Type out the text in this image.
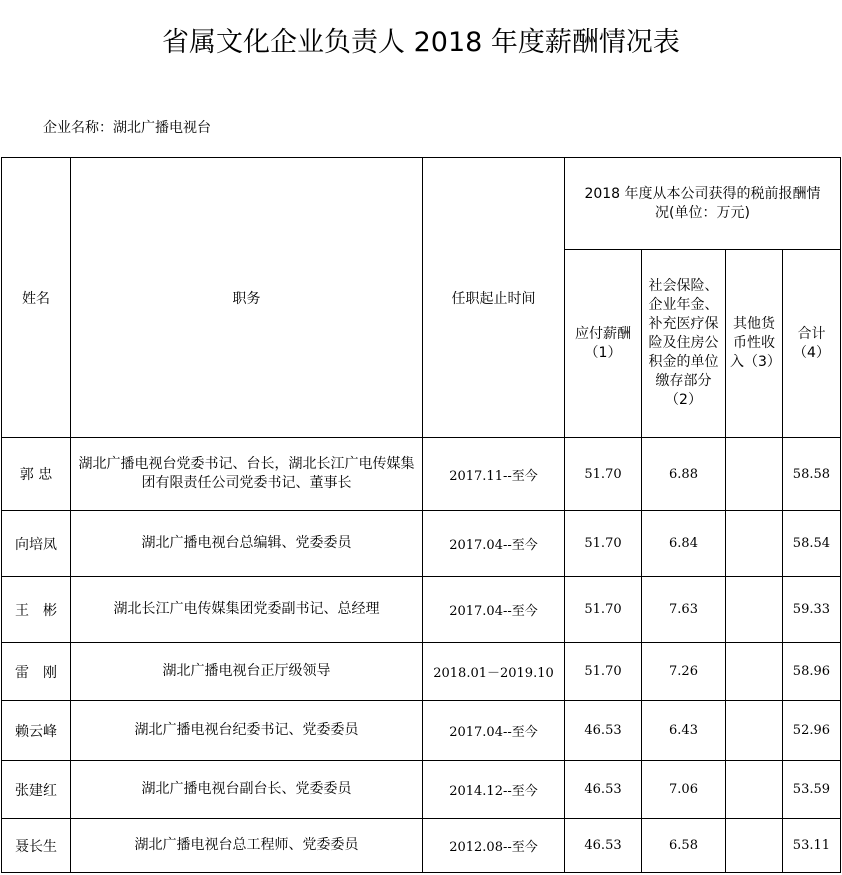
省属文化企业负责人 2018 年度薪酬情况表
企业名称：湖北广播电视台
姓名	职务	任职起止时间	2018 年度从本公司获得的税前报酬情况(单位：万元)			
			应付薪酬（1）	社会保险、企业年金、补充医疗保险及住房公积金的单位缴存部分（2）	其他货币性收入（3）	合计（4）
郭 忠	湖北广播电视台党委书记、台长，湖北长江广电传媒集团有限责任公司党委书记、董事长	2017.11--至今	51.70	6.88		58.58
向培凤	湖北广播电视台总编辑、党委委员	2017.04--至今	51.70	6.84		58.54
王　彬	湖北长江广电传媒集团党委副书记、总经理	2017.04--至今	51.70	7.63		59.33
雷　刚	湖北广播电视台正厅级领导	2018.01－2019.10	51.70	7.26		58.96
赖云峰	湖北广播电视台纪委书记、党委委员	2017.04--至今	46.53	6.43		52.96
张建红	湖北广播电视台副台长、党委委员	2014.12--至今	46.53	7.06		53.59
聂长生	湖北广播电视台总工程师、党委委员	2012.08--至今	46.53	6.58		53.11
